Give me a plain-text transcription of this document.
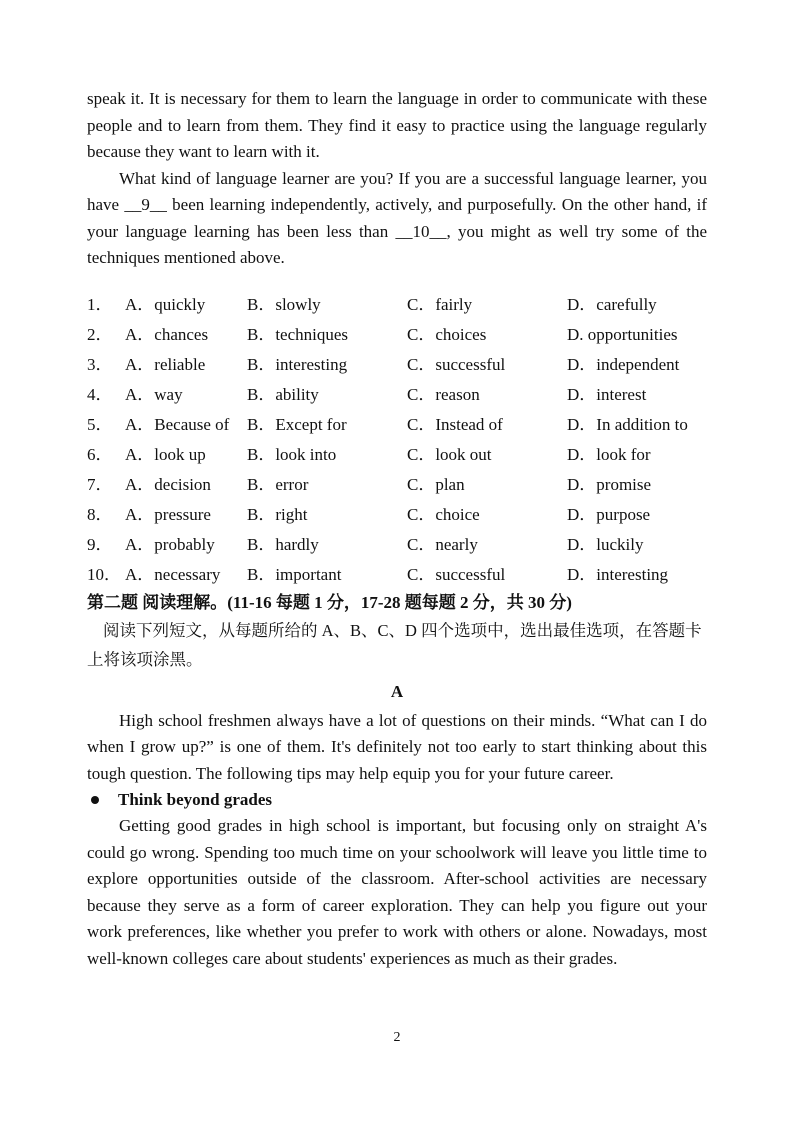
speak it. It is necessary for them to learn the language in order to communicate with these people and to learn from them. They find it easy to practice using the language regularly because they want to learn with it.

What kind of language learner are you? If you are a successful language learner, you have __9__ been learning independently, actively, and purposefully. On the other hand, if your language learning has been less than __10__, you might as well try some of the techniques mentioned above.

1． A．quickly	B．slowly	C．fairly	D．carefully
2． A．chances	B．techniques	C．choices	D. opportunities
3． A．reliable	B．interesting	C．successful	D．independent
4． A．way	B．ability	C．reason	D．interest
5． A．Because of	B．Except for	C．Instead of	D．In addition to
6． A．look up	B．look into	C．look out	D．look for
7． A．decision	B．error	C．plan	D．promise
8． A．pressure	B．right	C．choice	D．purpose
9． A．probably	B．hardly	C．nearly	D．luckily
10． A．necessary	B．important	C．successful	D．interesting
第二题 阅读理解。(11-16 每题 1 分，17-28 题每题 2 分，共 30 分)

阅读下列短文，从每题所给的 A、B、C、D 四个选项中，选出最佳选项，在答题卡上将该项涂黑。

A

High school freshmen always have a lot of questions on their minds. “What can I do when I grow up?” is one of them. It's definitely not too early to start thinking about this tough question. The following tips may help equip you for your future career.

Think beyond grades

Getting good grades in high school is important, but focusing only on straight A's could go wrong. Spending too much time on your schoolwork will leave you little time to explore opportunities outside of the classroom. After-school activities are necessary because they serve as a form of career exploration. They can help you figure out your work preferences, like whether you prefer to work with others or alone. Nowadays, most well-known colleges care about students' experiences as much as their grades.

2
